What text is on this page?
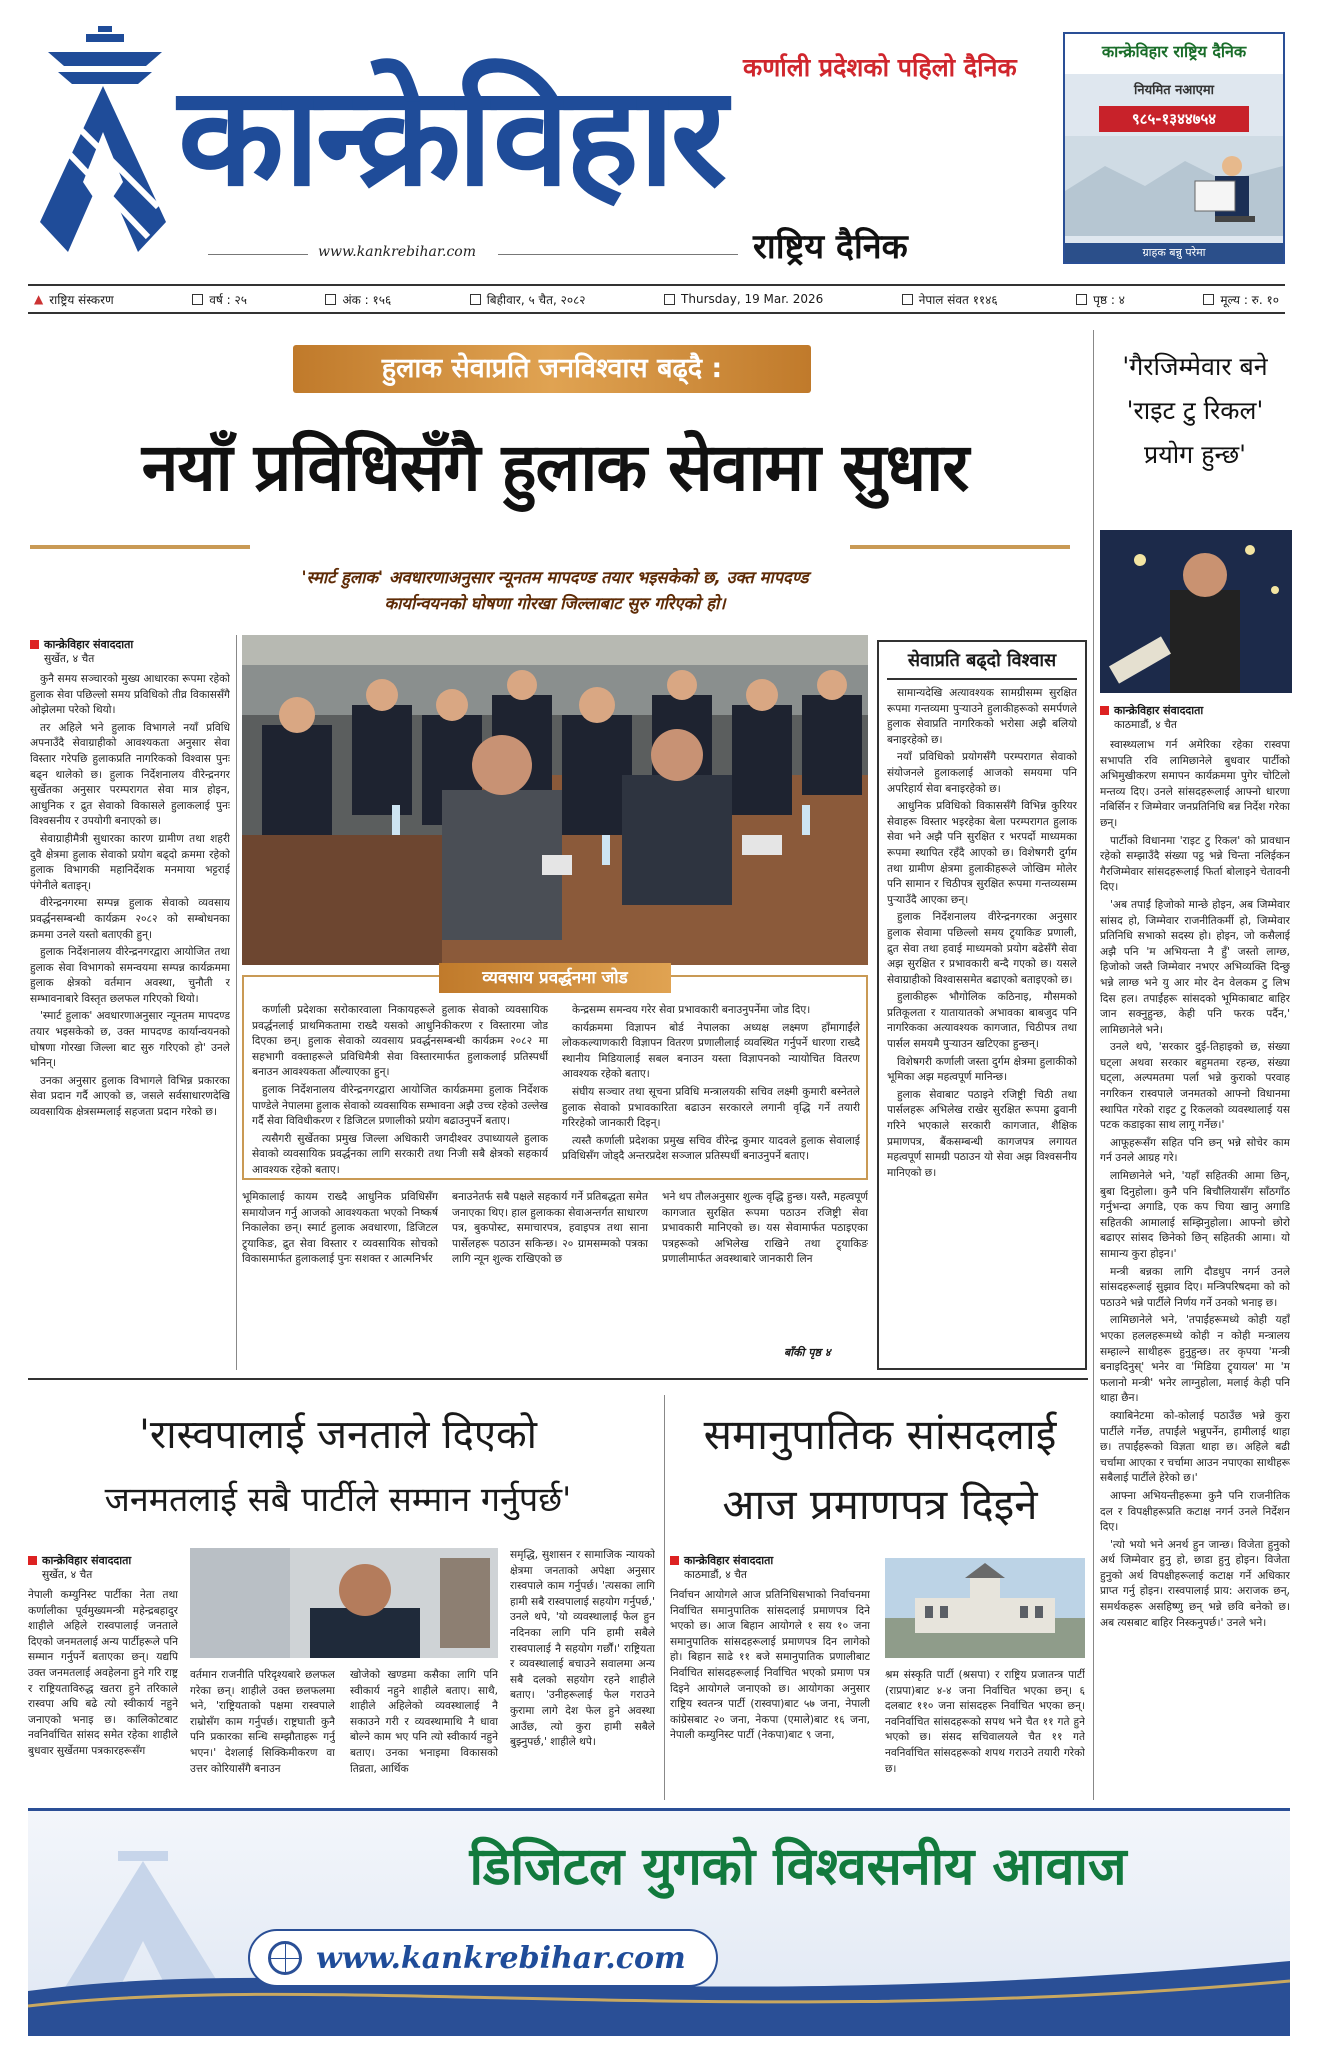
कान्क्रेविहार कर्णाली प्रदेशको पहिलो दैनिक
www.kankrebihar.com	राष्ट्रिय दैनिक
कान्क्रेविहार राष्ट्रिय दैनिक
नियमित नआएमा
९८५-१३४४७५४
ग्राहक बन्नु परेमा
▲ राष्ट्रिय संस्करण	वर्ष : २५	अंक : १५६	बिहीवार, ५ चैत, २०८२	Thursday, 19 Mar. 2026	नेपाल संवत ११४६	पृष्ठ : ४	मूल्य : रु. १०
हुलाक सेवाप्रति जनविश्वास बढ्दै :
नयाँ प्रविधिसँगै हुलाक सेवामा सुधार
'स्मार्ट हुलाक' अवधारणाअनुसार न्यूनतम मापदण्ड तयार भइसकेको छ, उक्त मापदण्ड कार्यान्वयनको घोषणा गोरखा जिल्लाबाट सुरु गरिएको हो।
कान्क्रेविहार संवाददाता
सुर्खेत, ४ चैत

कुनै समय सञ्चारको मुख्य आधारका रूपमा रहेको हुलाक सेवा पछिल्लो समय प्रविधिको तीव्र विकाससँगै ओझेलमा परेको थियो।

तर अहिले भने हुलाक विभागले नयाँ प्रविधि अपनाउँदै सेवाग्राहीको आवश्यकता अनुसार सेवा विस्तार गरेपछि हुलाकप्रति नागरिकको विश्वास पुनः बढ्न थालेको छ। हुलाक निर्देशनालय वीरेन्द्रनगर सुर्खेतका अनुसार परम्परागत सेवा मात्र होइन, आधुनिक र द्रुत सेवाको विकासले हुलाकलाई पुनः विश्वसनीय र उपयोगी बनाएको छ।

सेवाग्राहीमैत्री सुधारका कारण ग्रामीण तथा शहरी दुवै क्षेत्रमा हुलाक सेवाको प्रयोग बढ्दो क्रममा रहेको हुलाक विभागकी महानिर्देशक मनमाया भट्टराई पंगेनीले बताइन्।

वीरेन्द्रनगरमा सम्पन्न हुलाक सेवाको व्यवसाय प्रवर्द्धनसम्बन्धी कार्यक्रम २०८२ को सम्बोधनका क्रममा उनले यस्तो बताएकी हुन्।

हुलाक निर्देशनालय वीरेन्द्रनगरद्वारा आयोजित तथा हुलाक सेवा विभागको समन्वयमा सम्पन्न कार्यक्रममा हुलाक क्षेत्रको वर्तमान अवस्था, चुनौती र सम्भावनाबारे विस्तृत छलफल गरिएको थियो।

'स्मार्ट हुलाक' अवधारणाअनुसार न्यूनतम मापदण्ड तयार भइसकेको छ, उक्त मापदण्ड कार्यान्वयनको घोषणा गोरखा जिल्ला बाट सुरु गरिएको हो' उनले भनिन्।

उनका अनुसार हुलाक विभागले विभिन्न प्रकारका सेवा प्रदान गर्दै आएको छ, जसले सर्वसाधारणदेखि व्यवसायिक क्षेत्रसम्मलाई सहजता प्रदान गरेको छ।

व्यवसाय प्रवर्द्धनमा जोड

कर्णाली प्रदेशका सरोकारवाला निकायहरूले हुलाक सेवाको व्यवसायिक प्रवर्द्धनलाई प्राथमिकतामा राख्दै यसको आधुनिकीकरण र विस्तारमा जोड दिएका छन्। हुलाक सेवाको व्यवसाय प्रवर्द्धनसम्बन्धी कार्यक्रम २०८२ मा सहभागी वक्ताहरूले प्रविधिमैत्री सेवा विस्तारमार्फत हुलाकलाई प्रतिस्पर्धी बनाउन आवश्यकता औंल्याएका हुन्।

हुलाक निर्देशनालय वीरेन्द्रनगरद्वारा आयोजित कार्यक्रममा हुलाक निर्देशक पाण्डेले नेपालमा हुलाक सेवाको व्यवसायिक सम्भावना अझै उच्च रहेको उल्लेख गर्दै सेवा विविधीकरण र डिजिटल प्रणालीको प्रयोग बढाउनुपर्ने बताए।

त्यसैगरी सुर्खेतका प्रमुख जिल्ला अधिकारी जगदीश्वर उपाध्यायले हुलाक सेवाको व्यवसायिक प्रवर्द्धनका लागि सरकारी तथा निजी सबै क्षेत्रको सहकार्य आवश्यक रहेको बताए।

केन्द्रसम्म समन्वय गरेर सेवा प्रभावकारी बनाउनुपर्नेमा जोड दिए।

कार्यक्रममा विज्ञापन बोर्ड नेपालका अध्यक्ष लक्ष्मण हाँमागाईंले लोककल्याणकारी विज्ञापन वितरण प्रणालीलाई व्यवस्थित गर्नुपर्ने धारणा राख्दै स्थानीय मिडियालाई सबल बनाउन यस्ता विज्ञापनको न्यायोचित वितरण आवश्यक रहेको बताए।

संघीय सञ्चार तथा सूचना प्रविधि मन्त्रालयकी सचिव लक्ष्मी कुमारी बस्नेतले हुलाक सेवाको प्रभावकारिता बढाउन सरकारले लगानी वृद्धि गर्ने तयारी गरिरहेको जानकारी दिइन्।

त्यस्तै कर्णाली प्रदेशका प्रमुख सचिव वीरेन्द्र कुमार यादवले हुलाक सेवालाई प्रविधिसँग जोड्दै अन्तरप्रदेश सञ्जाल प्रतिस्पर्धी बनाउनुपर्ने बताए।

भूमिकालाई कायम राख्दै आधुनिक प्रविधिसँग समायोजन गर्नु आजको आवश्यकता भएको निष्कर्ष निकालेका छन्। स्मार्ट हुलाक अवधारणा, डिजिटल ट्र्याकिङ, द्रुत सेवा विस्तार र व्यवसायिक सोचको विकासमार्फत हुलाकलाई पुनः सशक्त र आत्मनिर्भर
बनाउनेतर्फ सबै पक्षले सहकार्य गर्ने प्रतिबद्धता समेत जनाएका थिए। हाल हुलाकका सेवाअन्तर्गत साधारण पत्र, बुकपोस्ट, समाचारपत्र, हवाइपत्र तथा साना पार्सेलहरू पठाउन सकिन्छ। २० ग्रामसम्मको पत्रका लागि न्यून शुल्क राखिएको छ
भने थप तौलअनुसार शुल्क वृद्धि हुन्छ। यस्तै, महत्वपूर्ण कागजात सुरक्षित रूपमा पठाउन रजिष्ट्री सेवा प्रभावकारी मानिएको छ। यस सेवामार्फत पठाइएका पत्रहरूको अभिलेख राखिने तथा ट्र्याकिङ प्रणालीमार्फत अवस्थाबारे जानकारी लिन
बाँकी पृष्ठ ४
सेवाप्रति बढ्दो विश्वास

सामान्यदेखि अत्यावश्यक सामग्रीसम्म सुरक्षित रूपमा गन्तव्यमा पुऱ्याउने हुलाकीहरूको समर्पणले हुलाक सेवाप्रति नागरिकको भरोसा अझै बलियो बनाइरहेको छ।

नयाँ प्रविधिको प्रयोगसँगै परम्परागत सेवाको संयोजनले हुलाकलाई आजको समयमा पनि अपरिहार्य सेवा बनाइरहेको छ।

आधुनिक प्रविधिको विकाससँगै विभिन्न कुरियर सेवाहरू विस्तार भइरहेका बेला परम्परागत हुलाक सेवा भने अझै पनि सुरक्षित र भरपर्दो माध्यमका रूपमा स्थापित रहँदै आएको छ। विशेषगरी दुर्गम तथा ग्रामीण क्षेत्रमा हुलाकीहरूले जोखिम मोलेर पनि सामान र चिठीपत्र सुरक्षित रूपमा गन्तव्यसम्म पुऱ्याउँदै आएका छन्।

हुलाक निर्देशनालय वीरेन्द्रनगरका अनुसार हुलाक सेवामा पछिल्लो समय ट्र्याकिङ प्रणाली, द्रुत सेवा तथा हवाई माध्यमको प्रयोग बढेसँगै सेवा अझ सुरक्षित र प्रभावकारी बन्दै गएको छ। यसले सेवाग्राहीको विश्वाससमेत बढाएको बताइएको छ।

हुलाकीहरू भौगोलिक कठिनाइ, मौसमको प्रतिकूलता र यातायातको अभावका बाबजुद पनि नागरिकका अत्यावश्यक कागजात, चिठीपत्र तथा पार्सल समयमै पुऱ्याउन खटिएका हुन्छन्।

विशेषगरी कर्णाली जस्ता दुर्गम क्षेत्रमा हुलाकीको भूमिका अझ महत्वपूर्ण मानिन्छ।

हुलाक सेवाबाट पठाइने रजिष्ट्री चिठी तथा पार्सलहरू अभिलेख राखेर सुरक्षित रूपमा ढुवानी गरिने भएकाले सरकारी कागजात, शैक्षिक प्रमाणपत्र, बैंकसम्बन्धी कागजपत्र लगायत महत्वपूर्ण सामग्री पठाउन यो सेवा अझ विश्वसनीय मानिएको छ।

'गैरजिम्मेवार बने 'राइट टु रिकल' प्रयोग हुन्छ'
कान्क्रेविहार संवाददाता
काठमाडौं, ४ चैत

स्वास्थ्यलाभ गर्न अमेरिका रहेका रास्वपा सभापति रवि लामिछानेले बुधवार पार्टीको अभिमुखीकरण समापन कार्यक्रममा पुगेर चोटिलो मन्तव्य दिए। उनले सांसदहरूलाई आफ्नो धारणा नबिर्सिन र जिम्मेवार जनप्रतिनिधि बन्न निर्देश गरेका छन्।

पार्टीको विधानमा 'राइट टु रिकल' को प्रावधान रहेको सम्झाउँदै संख्या पट्ठ भन्ने चिन्ता नलिईकन गैरजिम्मेवार सांसदहरूलाई फिर्ता बोलाइने चेतावनी दिए।

'अब तपाईं हिजोको मान्छे होइन, अब जिम्मेवार सांसद हो, जिम्मेवार राजनीतिकर्मी हो, जिम्मेवार प्रतिनिधि सभाको सदस्य हो। होइन, जो कसैलाई अझै पनि 'म अभियन्ता नै हुँ' जस्तो लाग्छ, हिजोको जस्तै जिम्मेवार नभएर अभिव्यक्ति दिन्छु भन्ने लाग्छ भने यु आर मोर देन वेलकम टु लिभ दिस हल। तपाईंहरू सांसदको भूमिकाबाट बाहिर जान सक्नुहुन्छ, केही पनि फरक पर्दैन,' लामिछानेले भने।

उनले थपे, 'सरकार दुई-तिहाइको छ, संख्या घट्ला अथवा सरकार बहुमतमा रहन्छ, संख्या घट्ला, अल्पमतमा पर्ला भन्ने कुराको परवाह नगरिकन रास्वपाले जनमतको आफ्नो विधानमा स्थापित गरेको राइट टु रिकलको व्यवस्थालाई यस पटक कडाइका साथ लागू गर्नेछ।'

आफूहरूसँग सहित पनि छन् भन्ने सोचेर काम गर्न उनले आग्रह गरे।

लामिछानेले भने, 'यहाँ सहितकी आमा छिन्, बुबा दिनुहोला। कुनै पनि बिचौलियासँग साँठगाँठ गर्नुभन्दा अगाडि, एक कप चिया खानु अगाडि सहितकी आमालाई सम्झिनुहोला। आफ्नो छोरो बढाएर सांसद छिनेको छिन् सहितकी आमा। यो सामान्य कुरा होइन।'

मन्त्री बन्नका लागि दौडधुप नगर्न उनले सांसदहरूलाई सुझाव दिए। मन्त्रिपरिषदमा को को पठाउने भन्ने पार्टीले निर्णय गर्ने उनको भनाइ छ।

लामिछानेले भने, 'तपाईंहरूमध्ये कोही यहाँ भएका हललहरूमध्ये कोही न कोही मन्त्रालय सम्हाल्ने साथीहरू हुनुहुन्छ। तर कृपया 'मन्त्री बनाइदिनुस्' भनेर वा 'मिडिया ट्र्यायल' मा 'म फलानो मन्त्री' भनेर लाग्नुहोला, मलाई केही पनि थाहा छैन।

क्याबिनेटमा को-कोलाई पठाउँछ भन्ने कुरा पार्टीले गर्नेछ, तपाईंले भन्नुपर्नेन, हामीलाई थाहा छ। तपाईंहरूको विज्ञता थाहा छ। अहिले बढी चर्चामा आएका र चर्चामा आउन नपाएका साथीहरू सबैलाई पार्टीले हेरेको छ।'

आफ्ना अभियन्तीहरूमा कुनै पनि राजनीतिक दल र विपक्षीहरूप्रति कटाक्ष नगर्न उनले निर्देशन दिए।

'त्यो भयो भने अनर्थ हुन जान्छ। विजेता हुनुको अर्थ जिम्मेवार हुनु हो, छाडा हुनु होइन। विजेता हुनुको अर्थ विपक्षीहरूलाई कटाक्ष गर्ने अधिकार प्राप्त गर्नु होइन। रास्वपालाई प्राय: अराजक छन्, समर्थकहरू असहिष्णु छन् भन्ने छवि बनेको छ। अब त्यसबाट बाहिर निस्कनुपर्छ।' उनले भने।

'रास्वपालाई जनताले दिएको
जनमतलाई सबै पार्टीले सम्मान गर्नुपर्छ'
कान्क्रेविहार संवाददाता
सुर्खेत, ४ चैत
नेपाली कम्युनिस्ट पार्टीका नेता तथा कर्णालीका पूर्वमुख्यमन्त्री महेन्द्रबहादुर शाहीले अहिले रास्वपालाई जनताले दिएको जनमतलाई अन्य पार्टीहरूले पनि सम्मान गर्नुपर्ने बताएका छन्। यद्यपि उक्त जनमतलाई अवहेलना हुने गरि राष्ट्र र राष्ट्रियताविरुद्ध खतरा हुने तरिकाले रास्वपा अघि बढे त्यो स्वीकार्य नहुने जनाएको भनाइ छ। कालिकोटबाट नवनिर्वाचित सांसद समेत रहेका शाहीले बुधवार सुर्खेतमा पत्रकारहरूसँग
वर्तमान राजनीति परिदृश्यबारे छलफल गरेका छन्। शाहीले उक्त छलफलमा भने, 'राष्ट्रियताको पक्षमा रास्वपाले राम्रोसँग काम गर्नुपर्छ। राष्ट्रघाती कुनै पनि प्रकारका सन्धि सम्झौताहरू गर्नु भएन।' देशलाई सिक्किमीकरण वा उत्तर कोरियासँगै बनाउन
खोजेको खण्डमा कसैका लागि पनि स्वीकार्य नहुने शाहीले बताए। साथै, शाहीले अहिलेको व्यवस्थालाई नै सकाउने गरी र व्यवस्थामाथि नै धावा बोल्ने काम भए पनि त्यो स्वीकार्य नहुने बताए। उनका भनाइमा विकासको तिव्रता, आर्थिक
समृद्धि, सुशासन र सामाजिक न्यायको क्षेत्रमा जनताको अपेक्षा अनुसार रास्वपाले काम गर्नुपर्छ। 'त्यसका लागि हामी सबै रास्वपालाई सहयोग गर्नुपर्छ,' उनले थपे, 'यो व्यवस्थालाई फेल हुन नदिनका लागि पनि हामी सबैले रास्वपालाई नै सहयोग गर्छौं।' राष्ट्रियता र व्यवस्थालाई बचाउने सवालमा अन्य सबै दलको सहयोग रहने शाहीले बताए। 'उनीहरूलाई फेल गराउने कुरामा लागे देश फेल हुने अवस्था आउँछ, त्यो कुरा हामी सबैले बुझ्नुपर्छ,' शाहीले थपे।
समानुपातिक सांसदलाई
आज प्रमाणपत्र दिइने
कान्क्रेविहार संवाददाता
काठमाडौं, ४ चैत
निर्वाचन आयोगले आज प्रतिनिधिसभाको निर्वाचनमा निर्वाचित समानुपातिक सांसदलाई प्रमाणपत्र दिने भएको छ। आज बिहान आयोगले १ सय १० जना समानुपातिक सांसदहरूलाई प्रमाणपत्र दिन लागेको हो। बिहान साढे ११ बजे समानुपातिक प्रणालीबाट निर्वाचित सांसदहरूलाई निर्वाचित भएको प्रमाण पत्र दिइने आयोगले जनाएको छ। आयोगका अनुसार राष्ट्रिय स्वतन्त्र पार्टी (रास्वपा)बाट ५७ जना, नेपाली कांग्रेसबाट २० जना, नेकपा (एमाले)बाट १६ जना, नेपाली कम्युनिस्ट पार्टी (नेकपा)बाट ९ जना,
श्रम संस्कृति पार्टी (श्रसपा) र राष्ट्रिय प्रजातन्त्र पार्टी (राप्रपा)बाट ४-४ जना निर्वाचित भएका छन्। ६ दलबाट ११० जना सांसदहरू निर्वाचित भएका छन्। नवनिर्वाचित सांसदहरूको सपथ भने चैत ११ गते हुने भएको छ। संसद सचिवालयले चैत ११ गते नवनिर्वाचित सांसदहरूको शपथ गराउने तयारी गरेको छ।
डिजिटल युगको विश्वसनीय आवाज
www.kankrebihar.com
